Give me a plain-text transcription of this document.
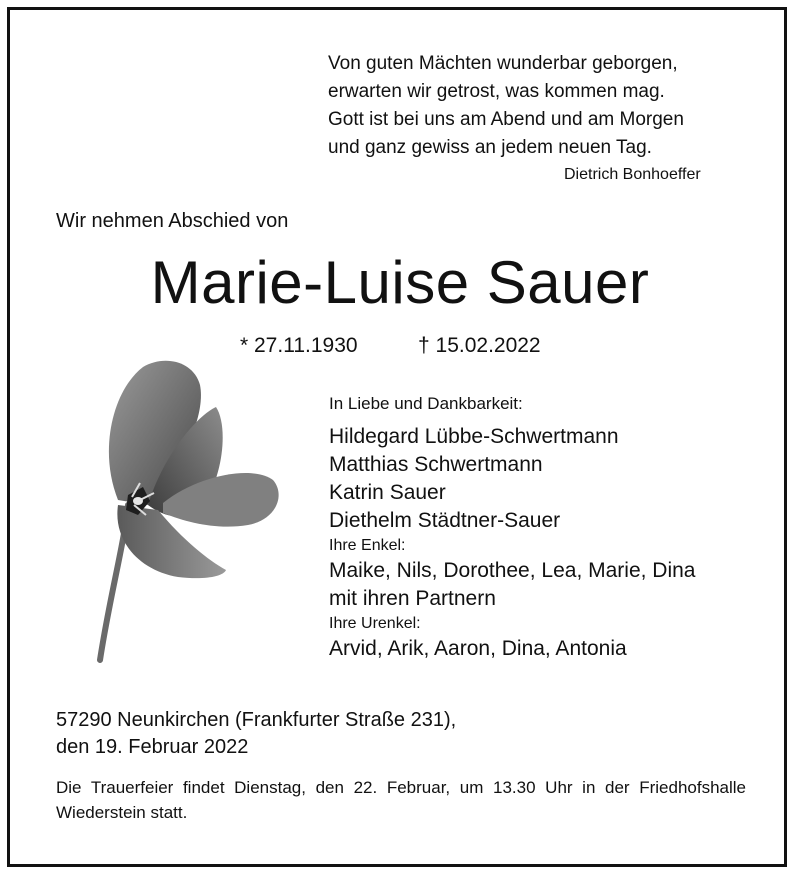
Von guten Mächten wunderbar geborgen,
erwarten wir getrost, was kommen mag.
Gott ist bei uns am Abend und am Morgen
und ganz gewiss an jedem neuen Tag.
Dietrich Bonhoeffer
Wir nehmen Abschied von
Marie-Luise Sauer
* 27.11.1930	† 15.02.2022
In Liebe und Dankbarkeit:
Hildegard Lübbe-Schwertmann
Matthias Schwertmann
Katrin Sauer
Diethelm Städtner-Sauer
Ihre Enkel:
Maike, Nils, Dorothee, Lea, Marie, Dina
mit ihren Partnern
Ihre Urenkel:
Arvid, Arik, Aaron, Dina, Antonia
57290 Neunkirchen (Frankfurter Straße 231),
den 19. Februar 2022
Die Trauerfeier findet Dienstag, den 22. Februar, um 13.30 Uhr in der Friedhofshalle Wiederstein statt.
